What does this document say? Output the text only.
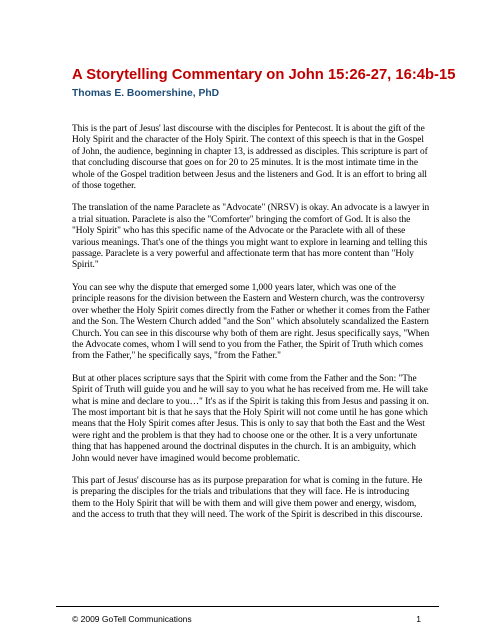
A Storytelling Commentary on John 15:26-27, 16:4b-15
Thomas E. Boomershine, PhD

This is the part of Jesus' last discourse with the disciples for Pentecost. It is about the gift of the Holy Spirit and the character of the Holy Spirit. The context of this speech is that in the Gospel of John, the audience, beginning in chapter 13, is addressed as disciples. This scripture is part of that concluding discourse that goes on for 20 to 25 minutes. It is the most intimate time in the whole of the Gospel tradition between Jesus and the listeners and God. It is an effort to bring all of those together.

The translation of the name Paraclete as "Advocate" (NRSV) is okay. An advocate is a lawyer in a trial situation. Paraclete is also the "Comforter" bringing the comfort of God. It is also the "Holy Spirit" who has this specific name of the Advocate or the Paraclete with all of these various meanings. That's one of the things you might want to explore in learning and telling this passage. Paraclete is a very powerful and affectionate term that has more content than "Holy Spirit."

You can see why the dispute that emerged some 1,000 years later, which was one of the principle reasons for the division between the Eastern and Western church, was the controversy over whether the Holy Spirit comes directly from the Father or whether it comes from the Father and the Son. The Western Church added "and the Son" which absolutely scandalized the Eastern Church. You can see in this discourse why both of them are right. Jesus specifically says, "When the Advocate comes, whom I will send to you from the Father, the Spirit of Truth which comes from the Father," he specifically says, "from the Father."

But at other places scripture says that the Spirit with come from the Father and the Son: "The Spirit of Truth will guide you and he will say to you what he has received from me. He will take what is mine and declare to you…" It's as if the Spirit is taking this from Jesus and passing it on. The most important bit is that he says that the Holy Spirit will not come until he has gone which means that the Holy Spirit comes after Jesus. This is only to say that both the East and the West were right and the problem is that they had to choose one or the other. It is a very unfortunate thing that has happened around the doctrinal disputes in the church. It is an ambiguity, which John would never have imagined would become problematic.

This part of Jesus' discourse has as its purpose preparation for what is coming in the future. He is preparing the disciples for the trials and tribulations that they will face. He is introducing them to the Holy Spirit that will be with them and will give them power and energy, wisdom, and the access to truth that they will need. The work of the Spirit is described in this discourse.

© 2009 GoTell Communications	1
